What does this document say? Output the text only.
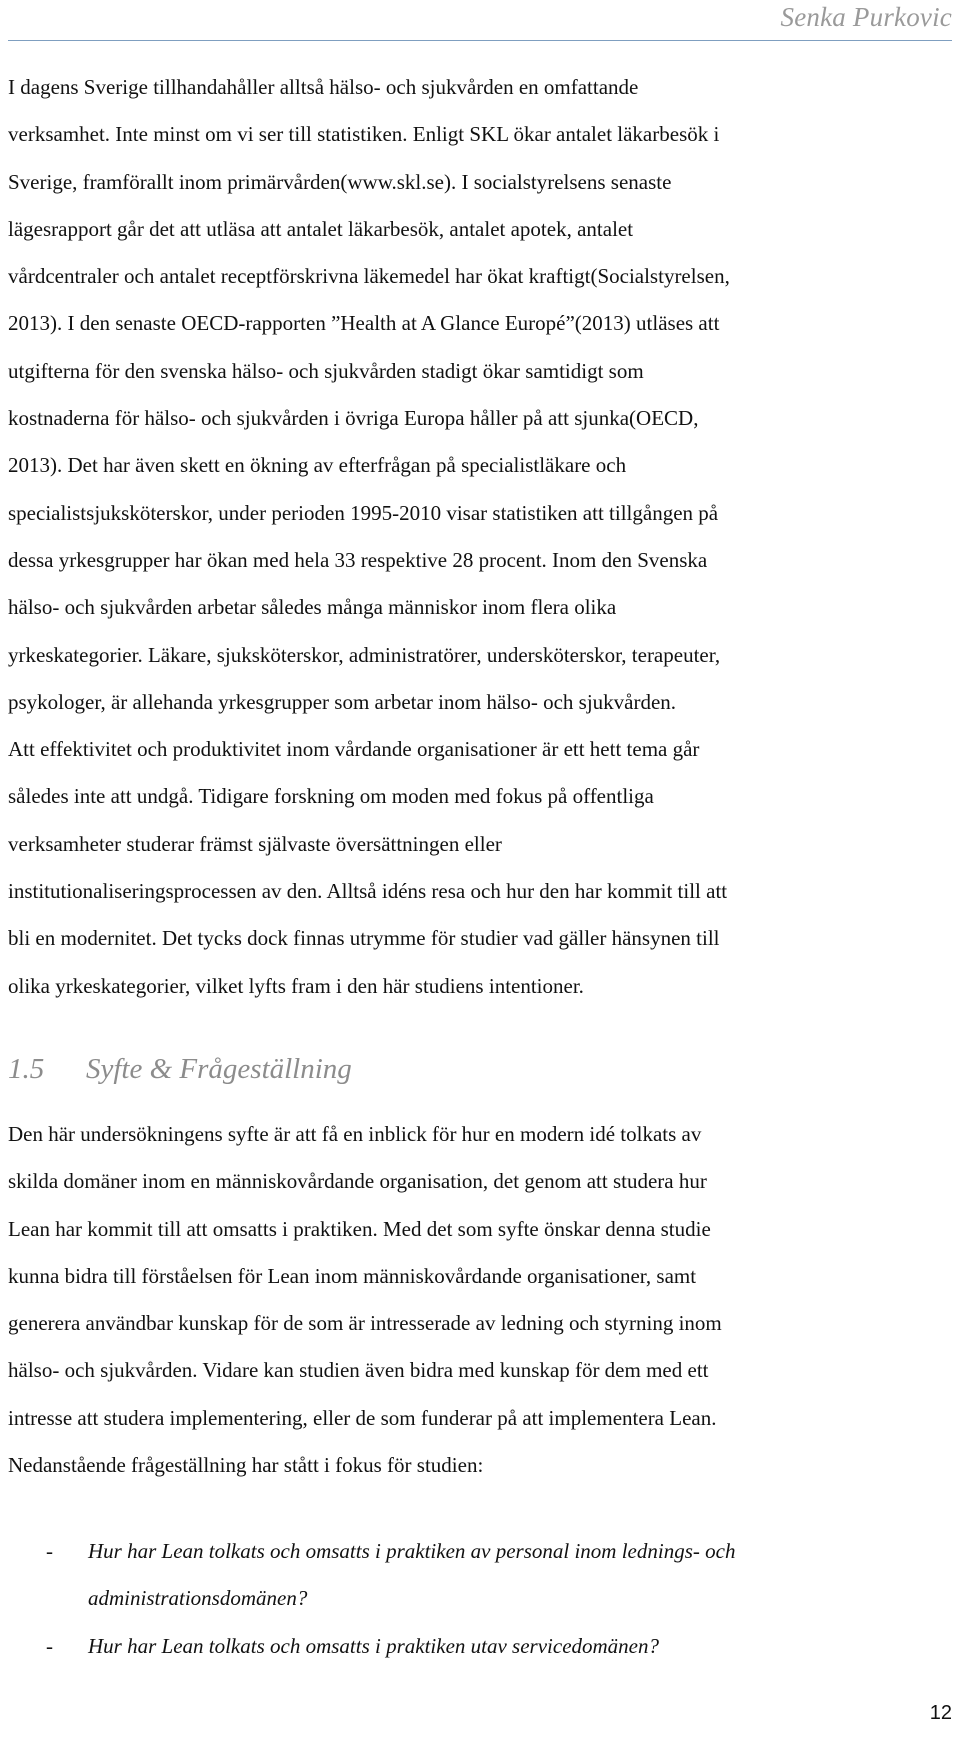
Senka Purkovic

I dagens Sverige tillhandahåller alltså hälso- och sjukvården en omfattande
verksamhet. Inte minst om vi ser till statistiken. Enligt SKL ökar antalet läkarbesök i
Sverige, framförallt inom primärvården(www.skl.se). I socialstyrelsens senaste
lägesrapport går det att utläsa att antalet läkarbesök, antalet apotek, antalet
vårdcentraler och antalet receptförskrivna läkemedel har ökat kraftigt(Socialstyrelsen,
2013). I den senaste OECD-rapporten ”Health at A Glance Europé”(2013) utläses att
utgifterna för den svenska hälso- och sjukvården stadigt ökar samtidigt som
kostnaderna för hälso- och sjukvården i övriga Europa håller på att sjunka(OECD,
2013). Det har även skett en ökning av efterfrågan på specialistläkare och
specialistsjuksköterskor, under perioden 1995-2010 visar statistiken att tillgången på
dessa yrkesgrupper har ökan med hela 33 respektive 28 procent. Inom den Svenska
hälso- och sjukvården arbetar således många människor inom flera olika
yrkeskategorier. Läkare, sjuksköterskor, administratörer, undersköterskor, terapeuter,
psykologer, är allehanda yrkesgrupper som arbetar inom hälso- och sjukvården.
Att effektivitet och produktivitet inom vårdande organisationer är ett hett tema går
således inte att undgå. Tidigare forskning om moden med fokus på offentliga
verksamheter studerar främst självaste översättningen eller
institutionaliseringsprocessen av den. Alltså idéns resa och hur den har kommit till att
bli en modernitet. Det tycks dock finnas utrymme för studier vad gäller hänsynen till
olika yrkeskategorier, vilket lyfts fram i den här studiens intentioner.

1.5 Syfte & Frågeställning

Den här undersökningens syfte är att få en inblick för hur en modern idé tolkats av
skilda domäner inom en människovårdande organisation, det genom att studera hur
Lean har kommit till att omsatts i praktiken. Med det som syfte önskar denna studie
kunna bidra till förståelsen för Lean inom människovårdande organisationer, samt
generera användbar kunskap för de som är intresserade av ledning och styrning inom
hälso- och sjukvården. Vidare kan studien även bidra med kunskap för dem med ett
intresse att studera implementering, eller de som funderar på att implementera Lean.
Nedanstående frågeställning har stått i fokus för studien:

- Hur har Lean tolkats och omsatts i praktiken av personal inom lednings- och
administrationsdomänen?
- Hur har Lean tolkats och omsatts i praktiken utav servicedomänen?
12
